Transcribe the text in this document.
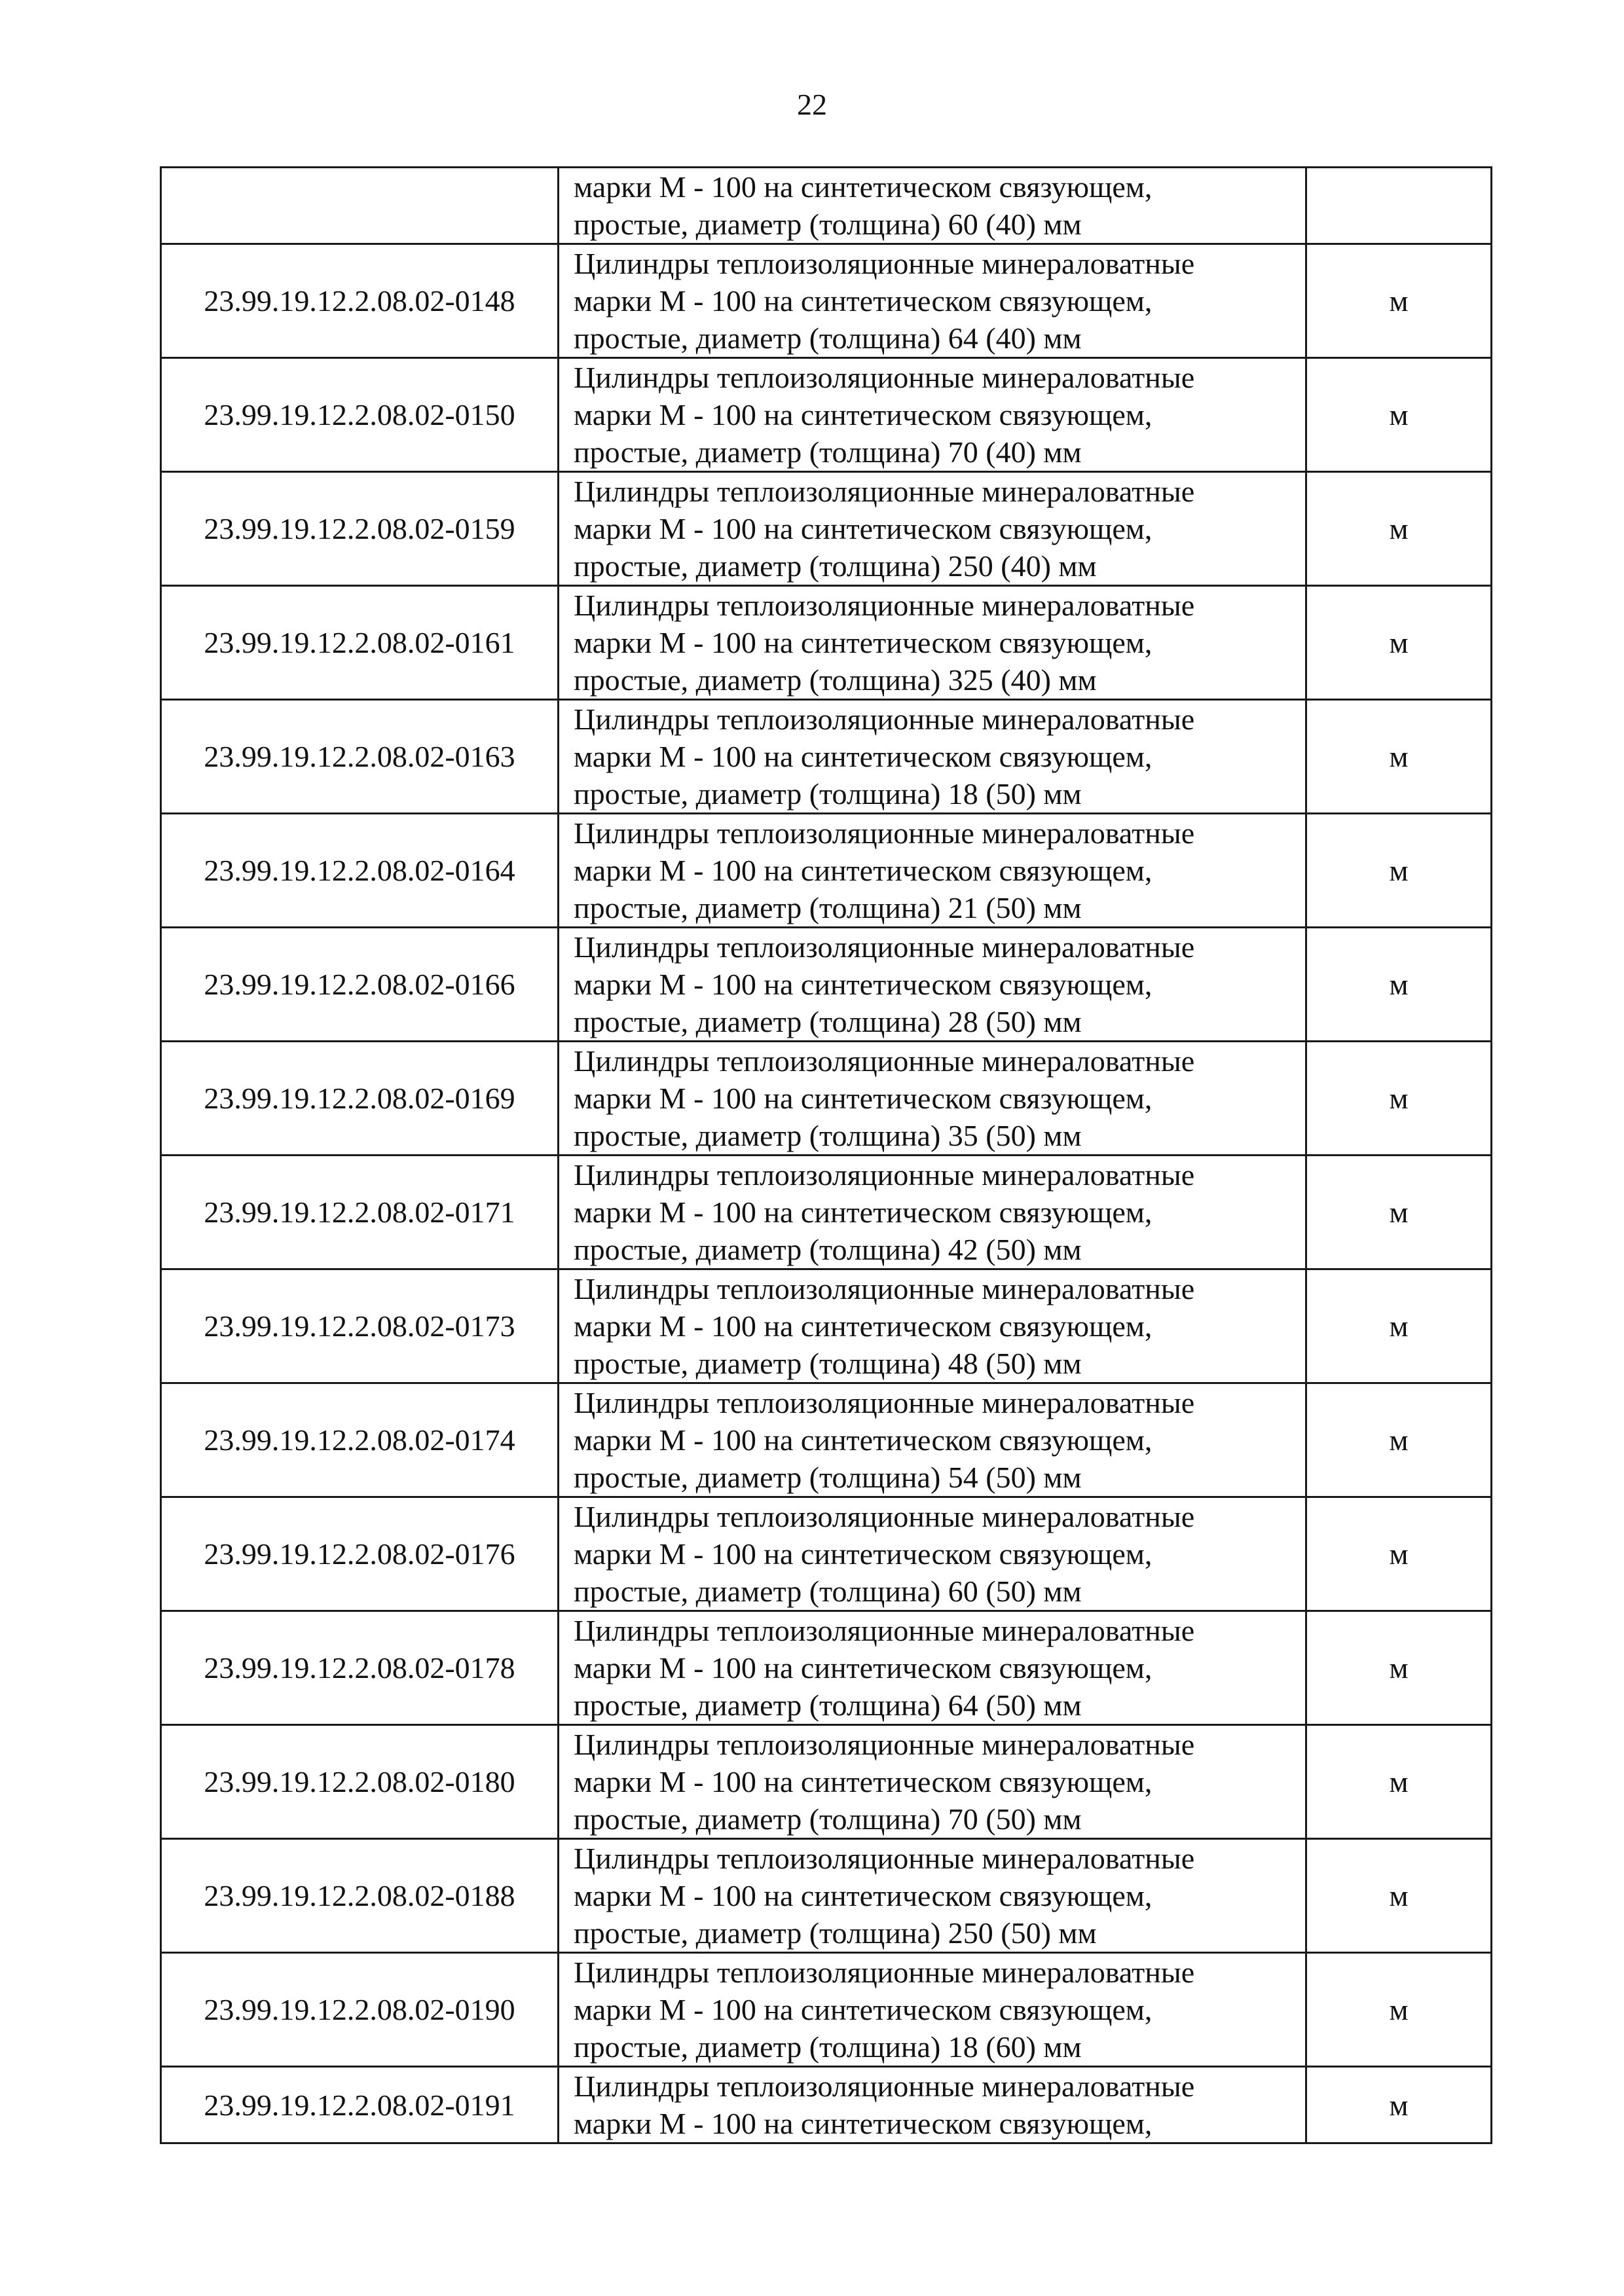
22
	марки М - 100 на синтетическом связующем,
простые, диаметр (толщина) 60 (40) мм	
23.99.19.12.2.08.02-0148	Цилиндры теплоизоляционные минераловатные
марки М - 100 на синтетическом связующем,
простые, диаметр (толщина) 64 (40) мм	м
23.99.19.12.2.08.02-0150	Цилиндры теплоизоляционные минераловатные
марки М - 100 на синтетическом связующем,
простые, диаметр (толщина) 70 (40) мм	м
23.99.19.12.2.08.02-0159	Цилиндры теплоизоляционные минераловатные
марки М - 100 на синтетическом связующем,
простые, диаметр (толщина) 250 (40) мм	м
23.99.19.12.2.08.02-0161	Цилиндры теплоизоляционные минераловатные
марки М - 100 на синтетическом связующем,
простые, диаметр (толщина) 325 (40) мм	м
23.99.19.12.2.08.02-0163	Цилиндры теплоизоляционные минераловатные
марки М - 100 на синтетическом связующем,
простые, диаметр (толщина) 18 (50) мм	м
23.99.19.12.2.08.02-0164	Цилиндры теплоизоляционные минераловатные
марки М - 100 на синтетическом связующем,
простые, диаметр (толщина) 21 (50) мм	м
23.99.19.12.2.08.02-0166	Цилиндры теплоизоляционные минераловатные
марки М - 100 на синтетическом связующем,
простые, диаметр (толщина) 28 (50) мм	м
23.99.19.12.2.08.02-0169	Цилиндры теплоизоляционные минераловатные
марки М - 100 на синтетическом связующем,
простые, диаметр (толщина) 35 (50) мм	м
23.99.19.12.2.08.02-0171	Цилиндры теплоизоляционные минераловатные
марки М - 100 на синтетическом связующем,
простые, диаметр (толщина) 42 (50) мм	м
23.99.19.12.2.08.02-0173	Цилиндры теплоизоляционные минераловатные
марки М - 100 на синтетическом связующем,
простые, диаметр (толщина) 48 (50) мм	м
23.99.19.12.2.08.02-0174	Цилиндры теплоизоляционные минераловатные
марки М - 100 на синтетическом связующем,
простые, диаметр (толщина) 54 (50) мм	м
23.99.19.12.2.08.02-0176	Цилиндры теплоизоляционные минераловатные
марки М - 100 на синтетическом связующем,
простые, диаметр (толщина) 60 (50) мм	м
23.99.19.12.2.08.02-0178	Цилиндры теплоизоляционные минераловатные
марки М - 100 на синтетическом связующем,
простые, диаметр (толщина) 64 (50) мм	м
23.99.19.12.2.08.02-0180	Цилиндры теплоизоляционные минераловатные
марки М - 100 на синтетическом связующем,
простые, диаметр (толщина) 70 (50) мм	м
23.99.19.12.2.08.02-0188	Цилиндры теплоизоляционные минераловатные
марки М - 100 на синтетическом связующем,
простые, диаметр (толщина) 250 (50) мм	м
23.99.19.12.2.08.02-0190	Цилиндры теплоизоляционные минераловатные
марки М - 100 на синтетическом связующем,
простые, диаметр (толщина) 18 (60) мм	м
23.99.19.12.2.08.02-0191	Цилиндры теплоизоляционные минераловатные
марки М - 100 на синтетическом связующем,	м
